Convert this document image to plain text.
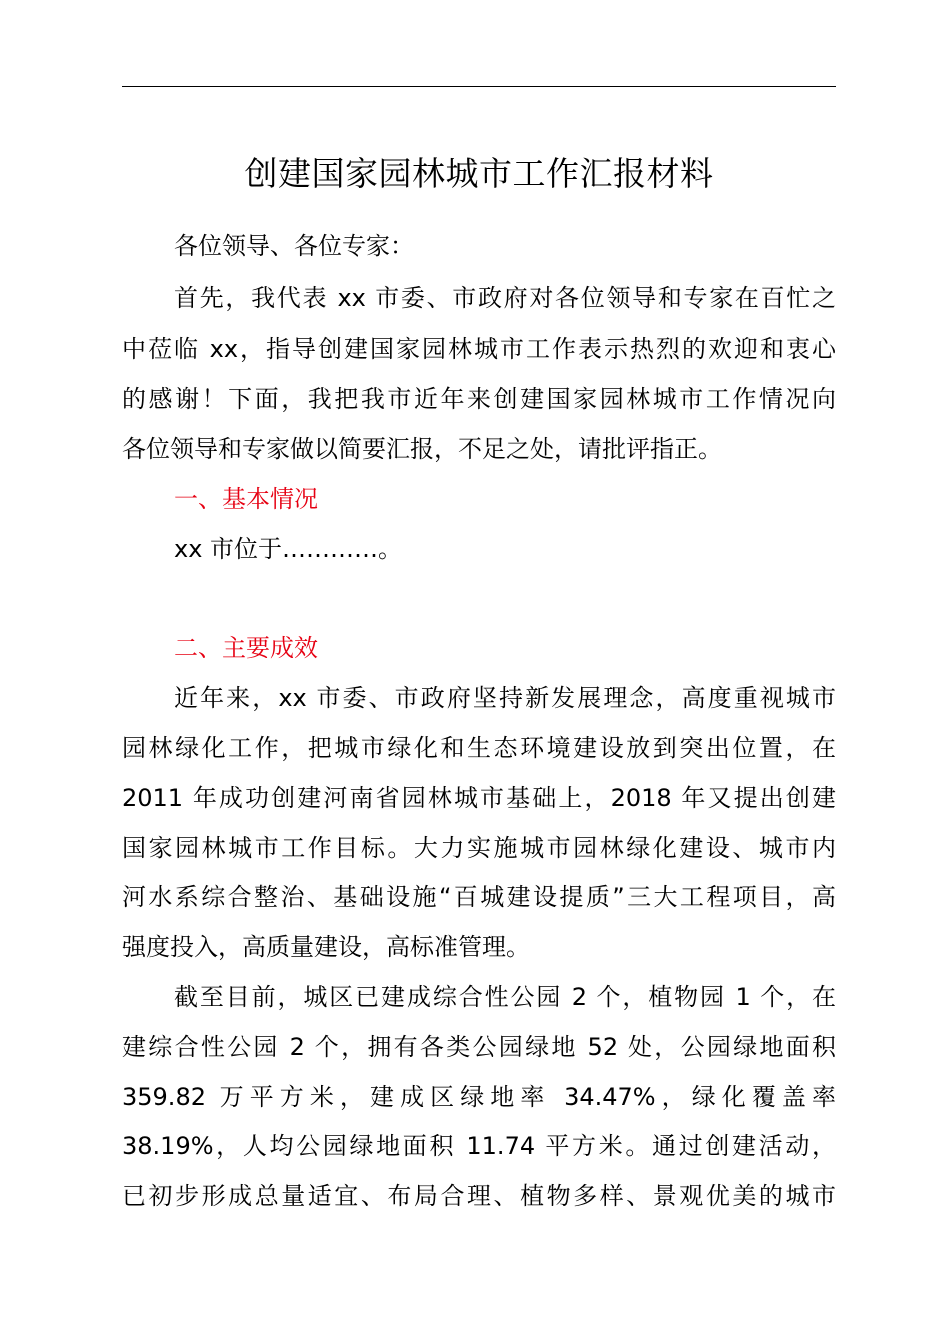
创建国家园林城市工作汇报材料
各位领导、各位专家：
首先，我代表 xx 市委、市政府对各位领导和专家在百忙之
中莅临 xx，指导创建国家园林城市工作表示热烈的欢迎和衷心
的感谢！下面，我把我市近年来创建国家园林城市工作情况向
各位领导和专家做以简要汇报，不足之处，请批评指正。
一、基本情况
xx 市位于…………。
二、主要成效
近年来，xx 市委、市政府坚持新发展理念，高度重视城市
园林绿化工作，把城市绿化和生态环境建设放到突出位置，在
2011 年成功创建河南省园林城市基础上，2018 年又提出创建
国家园林城市工作目标。大力实施城市园林绿化建设、城市内
河水系综合整治、基础设施“百城建设提质”三大工程项目，高
强度投入，高质量建设，高标准管理。
截至目前，城区已建成综合性公园 2 个，植物园 1 个，在
建综合性公园 2 个，拥有各类公园绿地 52 处，公园绿地面积
359.82 万平方米，建成区绿地率 34.47%，绿化覆盖率
38.19%，人均公园绿地面积 11.74 平方米。通过创建活动，
已初步形成总量适宜、布局合理、植物多样、景观优美的城市
